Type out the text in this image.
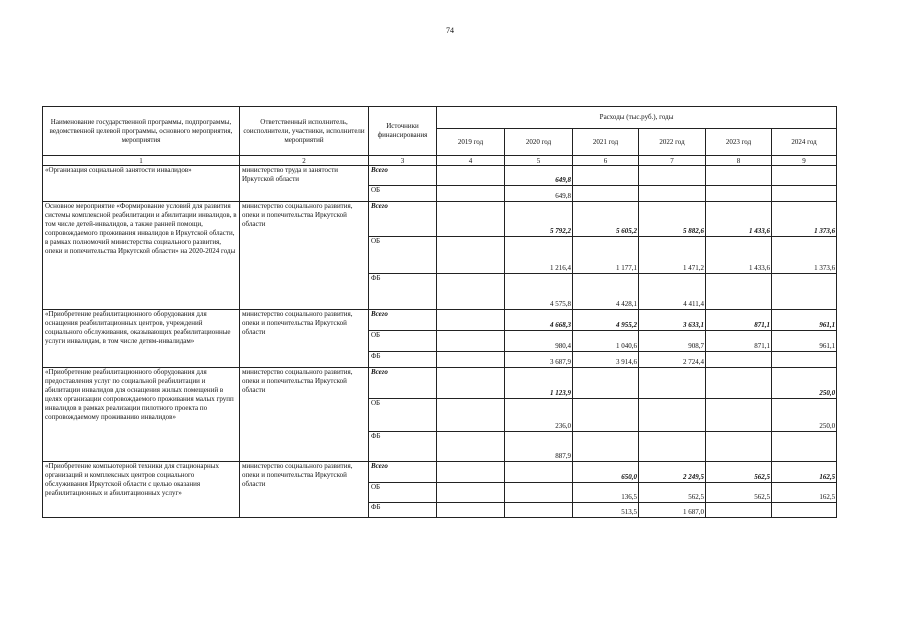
74
Наименование государственной программы, подпрограммы, ведомственной целевой программы, основного мероприятия, мероприятия	Ответственный исполнитель, соисполнители, участники, исполнители мероприятий	Источники финансирования	Расходы (тыс.руб.), годы					
			2019 год	2020 год	2021 год	2022 год	2023 год	2024 год
1	2	3	4	5	6	7	8	9
«Организация социальной занятости инвалидов»	министерство труда и занятости Иркутской области	Всего		649,8				
		ОБ		649,8				
Основное мероприятие «Формирование условий для развития системы комплексной реабилитации и абилитации инвалидов, в том числе детей-инвалидов, а также ранней помощи, сопровождаемого проживания инвалидов в Иркутской области, в рамках полномочий министерства социального развития, опеки и попечительства Иркутской области» на 2020-2024 годы	министерство социального развития, опеки и попечительства Иркутской области	Всего		5 792,2	5 605,2	5 882,6	1 433,6	1 373,6
		ОБ		1 216,4	1 177,1	1 471,2	1 433,6	1 373,6
		ФБ		4 575,8	4 428,1	4 411,4		
«Приобретение реабилитационного оборудования для оснащения реабилитационных центров, учреждений социального обслуживания, оказывающих реабилитационные услуги инвалидам, в том числе детям-инвалидам»	министерство социального развития, опеки и попечительства Иркутской области	Всего		4 668,3	4 955,2	3 633,1	871,1	961,1
		ОБ		980,4	1 040,6	908,7	871,1	961,1
		ФБ		3 687,9	3 914,6	2 724,4		
«Приобретение реабилитационного оборудования для предоставления услуг по социальной реабилитации и абилитации инвалидов для оснащения жилых помещений в целях организации сопровождаемого проживания малых групп инвалидов в рамках реализации пилотного проекта по сопровождаемому проживанию инвалидов»	министерство социального развития, опеки и попечительства Иркутской области	Всего		1 123,9				250,0
		ОБ		236,0				250,0
		ФБ		887,9				
«Приобретение компьютерной техники для стационарных организаций и комплексных центров социального обслуживания Иркутской области с целью оказания реабилитационных и абилитационных услуг»	министерство социального развития, опеки и попечительства Иркутской области	Всего			650,0	2 249,5	562,5	162,5
		ОБ			136,5	562,5	562,5	162,5
		ФБ			513,5	1 687,0		
